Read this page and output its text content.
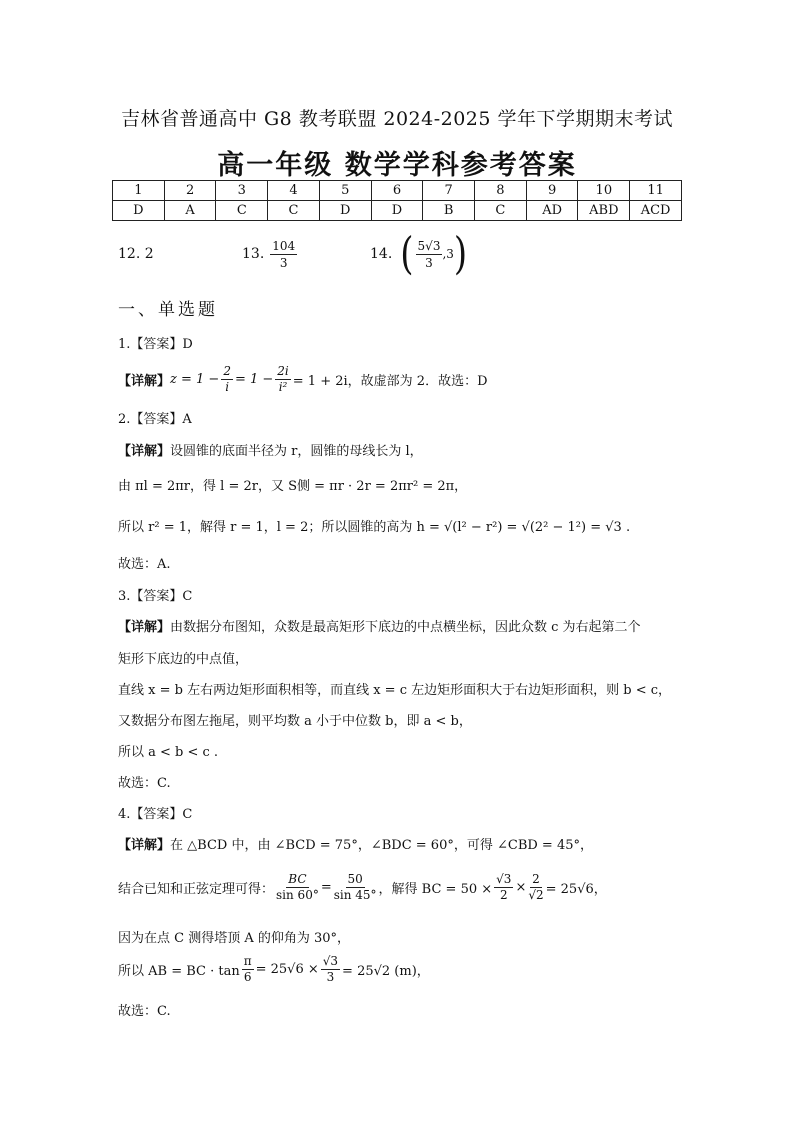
吉林省普通高中 G8 教考联盟 2024-2025 学年下学期期末考试
高一年级 数学学科参考答案
1	2	3	4	5	6	7	8	9	10	11
D	A	C	C	D	D	B	C	AD	ABD	ACD
12. 2	13. $\frac{104}{3}$	14. ( $\frac{5√3}{3} ,3$ )
一、单选题
1.【答案】D
【详解】 $z = 1 - \frac{2}{i} = 1 - \frac{2i}{\text{i²}} = 1 + 2i$，故虚部为 2．故选：D
2.【答案】A
【详解】 设圆锥的底面半径为 r，圆锥的母线长为 l，
由 πl = 2πr，得 l = 2r，又 S侧 = πr · 2r = 2πr² = 2π，
所以 r² = 1，解得 r = 1，l = 2；所以圆锥的高为 h = √(l² − r²) = √(2² − 1²) = √3 .
故选：A.
3.【答案】C
【详解】 由数据分布图知，众数是最高矩形下底边的中点横坐标，因此众数 c 为右起第二个
矩形下底边的中点值，
直线 x = b 左右两边矩形面积相等，而直线 x = c 左边矩形面积大于右边矩形面积，则 b < c，
又数据分布图左拖尾，则平均数 a 小于中位数 b，即 a < b，
所以 a < b < c .
故选：C.
4.【答案】C
【详解】 在 △BCD 中，由 ∠BCD = 75°，∠BDC = 60°，可得 ∠CBD = 45°，
结合已知和正弦定理可得： $\frac{BC}{\sin 60^\circ} = \frac{50}{\sin 45^\circ}$ ，解得 BC = $50 \times \frac{√3}{2} \times \frac{2}{√2} = 25√6$，
因为在点 C 测得塔顶 A 的仰角为 30°，
所以 AB = BC · $\tan \frac{\pi}{6} = 25√6 \times \frac{√3}{3} = 25√2$ (m)，
故选：C.
